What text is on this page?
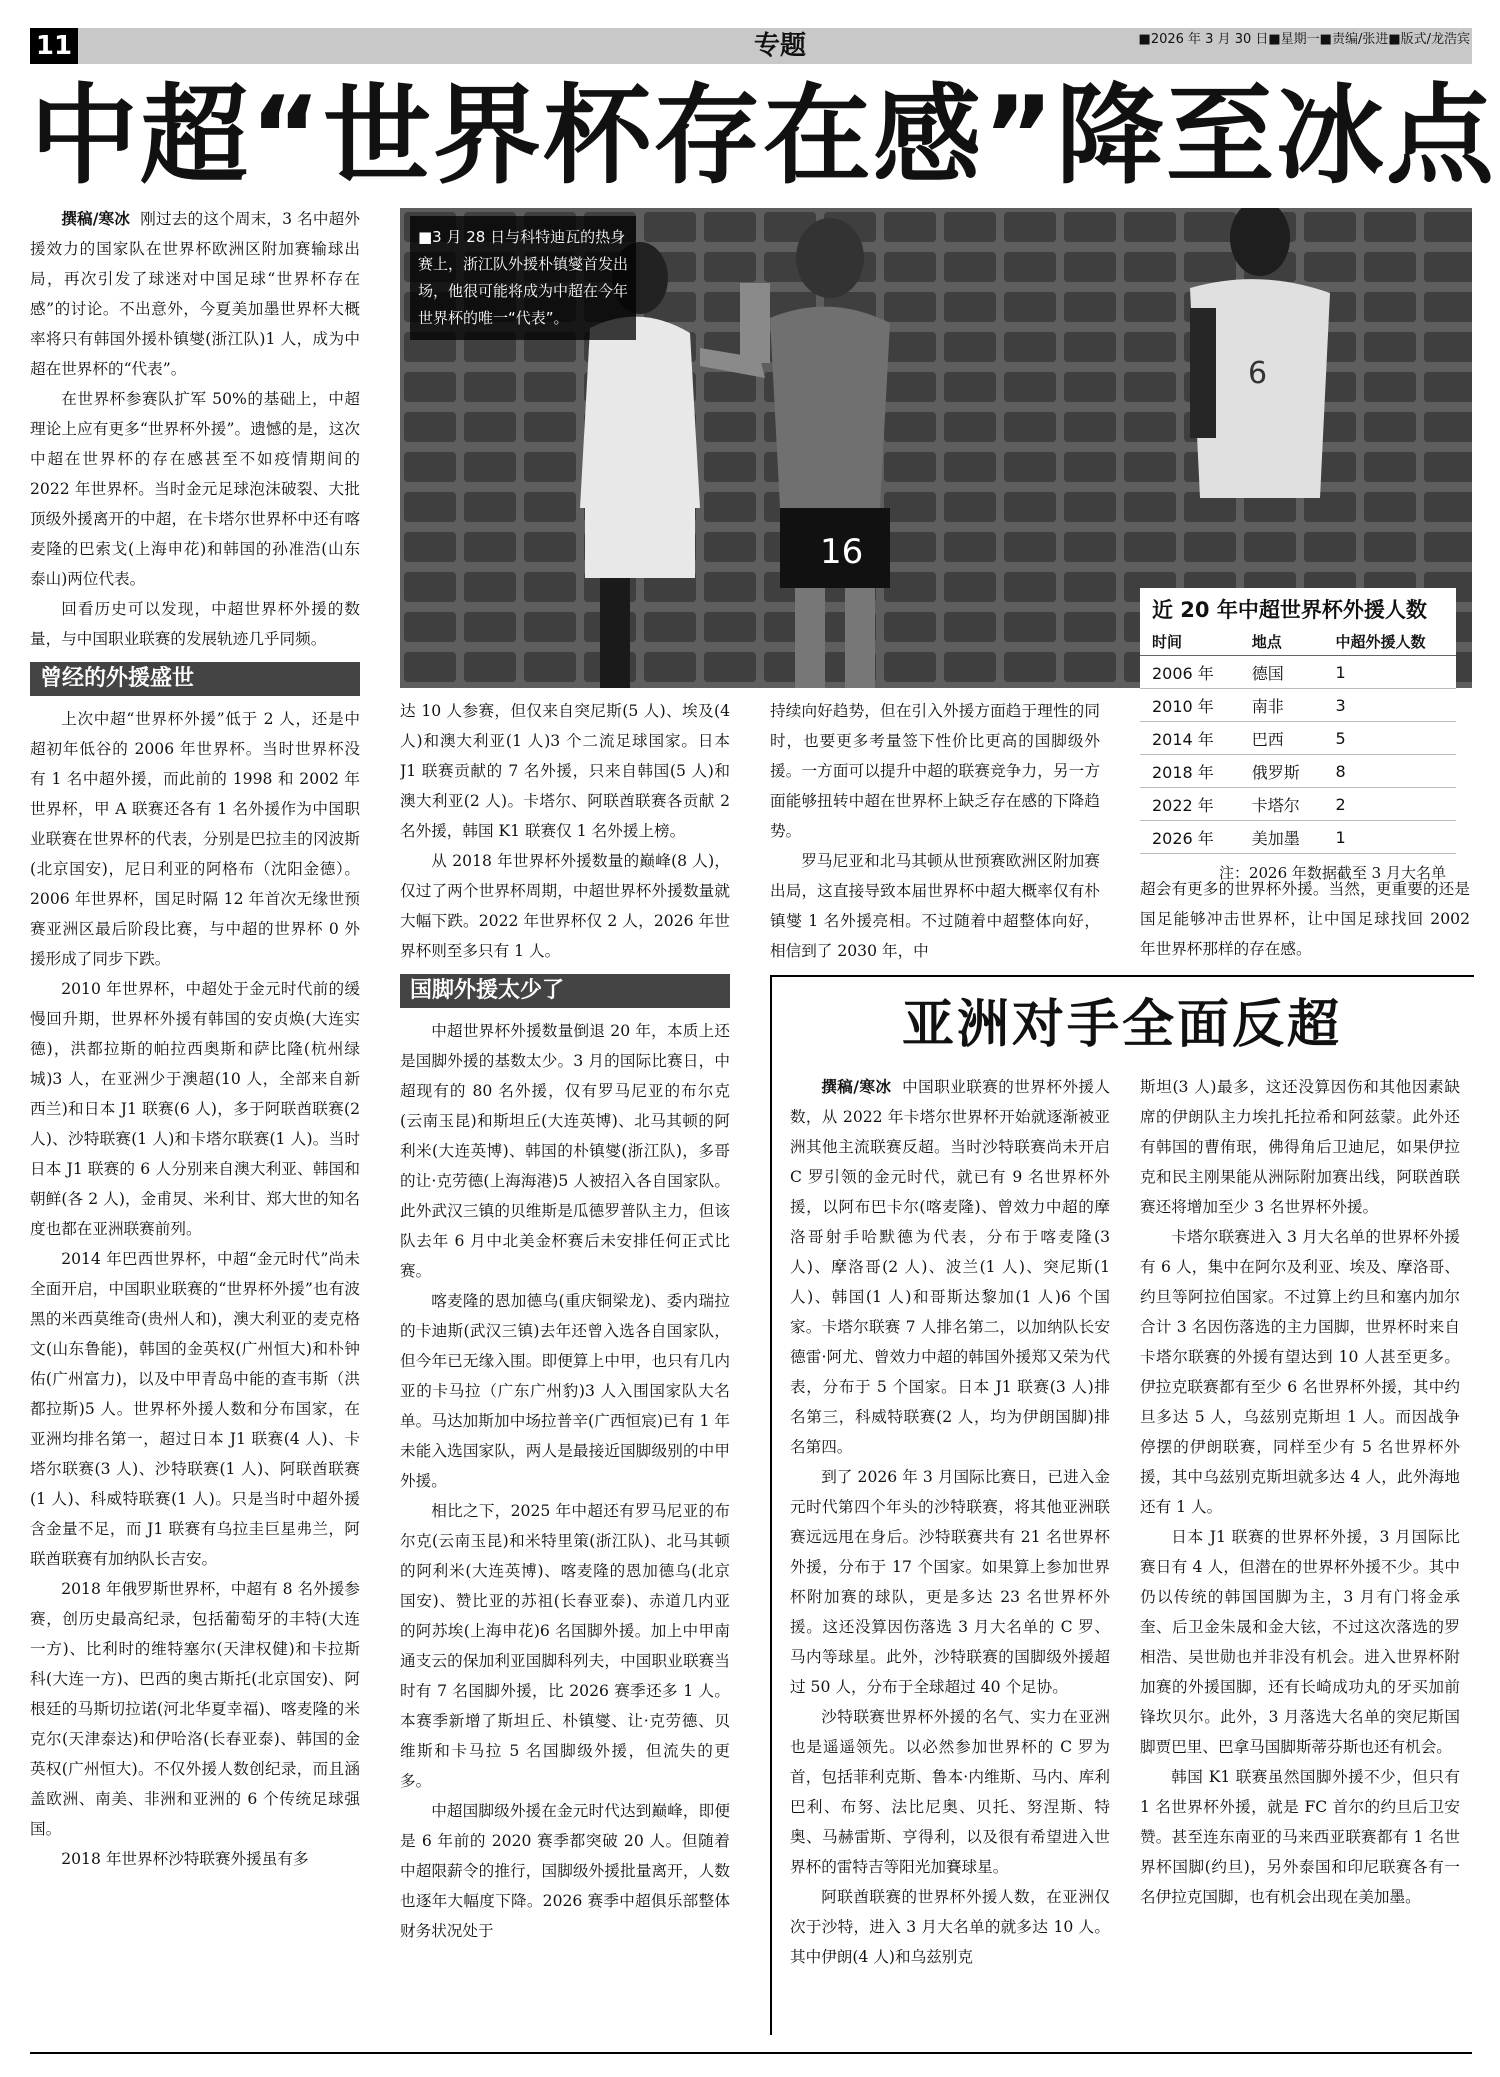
11	专题	■2026 年 3 月 30 日■星期一■责编/张进■版式/龙浩宾
中超“世界杯存在感”降至冰点

撰稿/寒冰 刚过去的这个周末，3 名中超外援效力的国家队在世界杯欧洲区附加赛输球出局，再次引发了球迷对中国足球“世界杯存在感”的讨论。不出意外，今夏美加墨世界杯大概率将只有韩国外援朴镇燮(浙江队)1 人，成为中超在世界杯的“代表”。

在世界杯参赛队扩军 50%的基础上，中超理论上应有更多“世界杯外援”。遗憾的是，这次中超在世界杯的存在感甚至不如疫情期间的 2022 年世界杯。当时金元足球泡沫破裂、大批顶级外援离开的中超，在卡塔尔世界杯中还有喀麦隆的巴索戈(上海申花)和韩国的孙准浩(山东泰山)两位代表。

回看历史可以发现，中超世界杯外援的数量，与中国职业联赛的发展轨迹几乎同频。

曾经的外援盛世

上次中超“世界杯外援”低于 2 人，还是中超初年低谷的 2006 年世界杯。当时世界杯没有 1 名中超外援，而此前的 1998 和 2002 年世界杯，甲 A 联赛还各有 1 名外援作为中国职业联赛在世界杯的代表，分别是巴拉圭的冈波斯(北京国安)，尼日利亚的阿格布（沈阳金德）。2006 年世界杯，国足时隔 12 年首次无缘世预赛亚洲区最后阶段比赛，与中超的世界杯 0 外援形成了同步下跌。

2010 年世界杯，中超处于金元时代前的缓慢回升期，世界杯外援有韩国的安贞焕(大连实德)，洪都拉斯的帕拉西奥斯和萨比隆(杭州绿城)3 人，在亚洲少于澳超(10 人，全部来自新西兰)和日本 J1 联赛(6 人)，多于阿联酋联赛(2 人)、沙特联赛(1 人)和卡塔尔联赛(1 人)。当时日本 J1 联赛的 6 人分别来自澳大利亚、韩国和朝鲜(各 2 人)，金甫炅、米利甘、郑大世的知名度也都在亚洲联赛前列。

2014 年巴西世界杯，中超“金元时代”尚未全面开启，中国职业联赛的“世界杯外援”也有波黑的米西莫维奇(贵州人和)，澳大利亚的麦克格文(山东鲁能)，韩国的金英权(广州恒大)和朴钟佑(广州富力)，以及中甲青岛中能的查韦斯（洪都拉斯)5 人。世界杯外援人数和分布国家，在亚洲均排名第一，超过日本 J1 联赛(4 人)、卡塔尔联赛(3 人)、沙特联赛(1 人)、阿联酋联赛(1 人)、科威特联赛(1 人)。只是当时中超外援含金量不足，而 J1 联赛有乌拉圭巨星弗兰，阿联酋联赛有加纳队长吉安。

2018 年俄罗斯世界杯，中超有 8 名外援参赛，创历史最高纪录，包括葡萄牙的丰特(大连一方)、比利时的维特塞尔(天津权健)和卡拉斯科(大连一方)、巴西的奥古斯托(北京国安)、阿根廷的马斯切拉诺(河北华夏幸福)、喀麦隆的米克尔(天津泰达)和伊哈洛(长春亚泰)、韩国的金英权(广州恒大)。不仅外援人数创纪录，而且涵盖欧洲、南美、非洲和亚洲的 6 个传统足球强国。

2018 年世界杯沙特联赛外援虽有多

16
6
■3 月 28 日与科特迪瓦的热身赛上，浙江队外援朴镇燮首发出场，他很可能将成为中超在今年世界杯的唯一“代表”。
近 20 年中超世界杯外援人数
时间	地点	中超外援人数
2006 年	德国	1
2010 年	南非	3
2014 年	巴西	5
2018 年	俄罗斯	8
2022 年	卡塔尔	2
2026 年	美加墨	1
注：2026 年数据截至 3 月大名单

达 10 人参赛，但仅来自突尼斯(5 人)、埃及(4 人)和澳大利亚(1 人)3 个二流足球国家。日本 J1 联赛贡献的 7 名外援，只来自韩国(5 人)和澳大利亚(2 人)。卡塔尔、阿联酋联赛各贡献 2 名外援，韩国 K1 联赛仅 1 名外援上榜。

从 2018 年世界杯外援数量的巅峰(8 人)，仅过了两个世界杯周期，中超世界杯外援数量就大幅下跌。2022 年世界杯仅 2 人，2026 年世界杯则至多只有 1 人。

国脚外援太少了

中超世界杯外援数量倒退 20 年，本质上还是国脚外援的基数太少。3 月的国际比赛日，中超现有的 80 名外援，仅有罗马尼亚的布尔克(云南玉昆)和斯坦丘(大连英博)、北马其顿的阿利米(大连英博)、韩国的朴镇燮(浙江队)，多哥的让·克劳德(上海海港)5 人被招入各自国家队。此外武汉三镇的贝维斯是瓜德罗普队主力，但该队去年 6 月中北美金杯赛后未安排任何正式比赛。

喀麦隆的恩加德乌(重庆铜梁龙)、委内瑞拉的卡迪斯(武汉三镇)去年还曾入选各自国家队，但今年已无缘入围。即便算上中甲，也只有几内亚的卡马拉（广东广州豹)3 人入围国家队大名单。马达加斯加中场拉普辛(广西恒宸)已有 1 年未能入选国家队，两人是最接近国脚级别的中甲外援。

相比之下，2025 年中超还有罗马尼亚的布尔克(云南玉昆)和米特里策(浙江队)、北马其顿的阿利米(大连英博)、喀麦隆的恩加德乌(北京国安)、赞比亚的苏祖(长春亚泰)、赤道几内亚的阿苏埃(上海申花)6 名国脚外援。加上中甲南通支云的保加利亚国脚科列夫，中国职业联赛当时有 7 名国脚外援，比 2026 赛季还多 1 人。本赛季新增了斯坦丘、朴镇燮、让·克劳德、贝维斯和卡马拉 5 名国脚级外援，但流失的更多。

中超国脚级外援在金元时代达到巅峰，即便是 6 年前的 2020 赛季都突破 20 人。但随着中超限薪令的推行，国脚级外援批量离开，人数也逐年大幅度下降。2026 赛季中超俱乐部整体财务状况处于

持续向好趋势，但在引入外援方面趋于理性的同时，也要更多考量签下性价比更高的国脚级外援。一方面可以提升中超的联赛竞争力，另一方面能够扭转中超在世界杯上缺乏存在感的下降趋势。

罗马尼亚和北马其顿从世预赛欧洲区附加赛出局，这直接导致本届世界杯中超大概率仅有朴镇燮 1 名外援亮相。不过随着中超整体向好，相信到了 2030 年，中

超会有更多的世界杯外援。当然，更重要的还是国足能够冲击世界杯，让中国足球找回 2002 年世界杯那样的存在感。

亚洲对手全面反超

撰稿/寒冰 中国职业联赛的世界杯外援人数，从 2022 年卡塔尔世界杯开始就逐渐被亚洲其他主流联赛反超。当时沙特联赛尚未开启 C 罗引领的金元时代，就已有 9 名世界杯外援，以阿布巴卡尔(喀麦隆)、曾效力中超的摩洛哥射手哈默德为代表，分布于喀麦隆(3 人)、摩洛哥(2 人)、波兰(1 人)、突尼斯(1 人)、韩国(1 人)和哥斯达黎加(1 人)6 个国家。卡塔尔联赛 7 人排名第二，以加纳队长安德雷·阿尤、曾效力中超的韩国外援郑又荣为代表，分布于 5 个国家。日本 J1 联赛(3 人)排名第三，科威特联赛(2 人，均为伊朗国脚)排名第四。

到了 2026 年 3 月国际比赛日，已进入金元时代第四个年头的沙特联赛，将其他亚洲联赛远远甩在身后。沙特联赛共有 21 名世界杯外援，分布于 17 个国家。如果算上参加世界杯附加赛的球队，更是多达 23 名世界杯外援。这还没算因伤落选 3 月大名单的 C 罗、马内等球星。此外，沙特联赛的国脚级外援超过 50 人，分布于全球超过 40 个足协。

沙特联赛世界杯外援的名气、实力在亚洲也是遥遥领先。以必然参加世界杯的 C 罗为首，包括菲利克斯、鲁本·内维斯、马内、库利巴利、布努、法比尼奥、贝托、努涅斯、特奥、马赫雷斯、亨得利，以及很有希望进入世界杯的雷特吉等阳光加賽球星。

阿联酋联赛的世界杯外援人数，在亚洲仅次于沙特，进入 3 月大名单的就多达 10 人。其中伊朗(4 人)和乌兹别克

斯坦(3 人)最多，这还没算因伤和其他因素缺席的伊朗队主力埃扎托拉希和阿兹蒙。此外还有韩国的曹侑珉，佛得角后卫迪尼，如果伊拉克和民主刚果能从洲际附加赛出线，阿联酋联赛还将增加至少 3 名世界杯外援。

卡塔尔联赛进入 3 月大名单的世界杯外援有 6 人，集中在阿尔及利亚、埃及、摩洛哥、约旦等阿拉伯国家。不过算上约旦和塞内加尔合计 3 名因伤落选的主力国脚，世界杯时来自卡塔尔联赛的外援有望达到 10 人甚至更多。伊拉克联赛都有至少 6 名世界杯外援，其中约旦多达 5 人，乌兹别克斯坦 1 人。而因战争停摆的伊朗联赛，同样至少有 5 名世界杯外援，其中乌兹别克斯坦就多达 4 人，此外海地还有 1 人。

日本 J1 联赛的世界杯外援，3 月国际比赛日有 4 人，但潜在的世界杯外援不少。其中仍以传统的韩国国脚为主，3 月有门将金承奎、后卫金朱晟和金大铉，不过这次落选的罗相浩、吴世勋也并非没有机会。进入世界杯附加赛的外援国脚，还有长崎成功丸的牙买加前锋坎贝尔。此外，3 月落选大名单的突尼斯国脚贾巴里、巴拿马国脚斯蒂芬斯也还有机会。

韩国 K1 联赛虽然国脚外援不少，但只有 1 名世界杯外援，就是 FC 首尔的约旦后卫安赞。甚至连东南亚的马来西亚联赛都有 1 名世界杯国脚(约旦)，另外泰国和印尼联赛各有一名伊拉克国脚，也有机会出现在美加墨。
